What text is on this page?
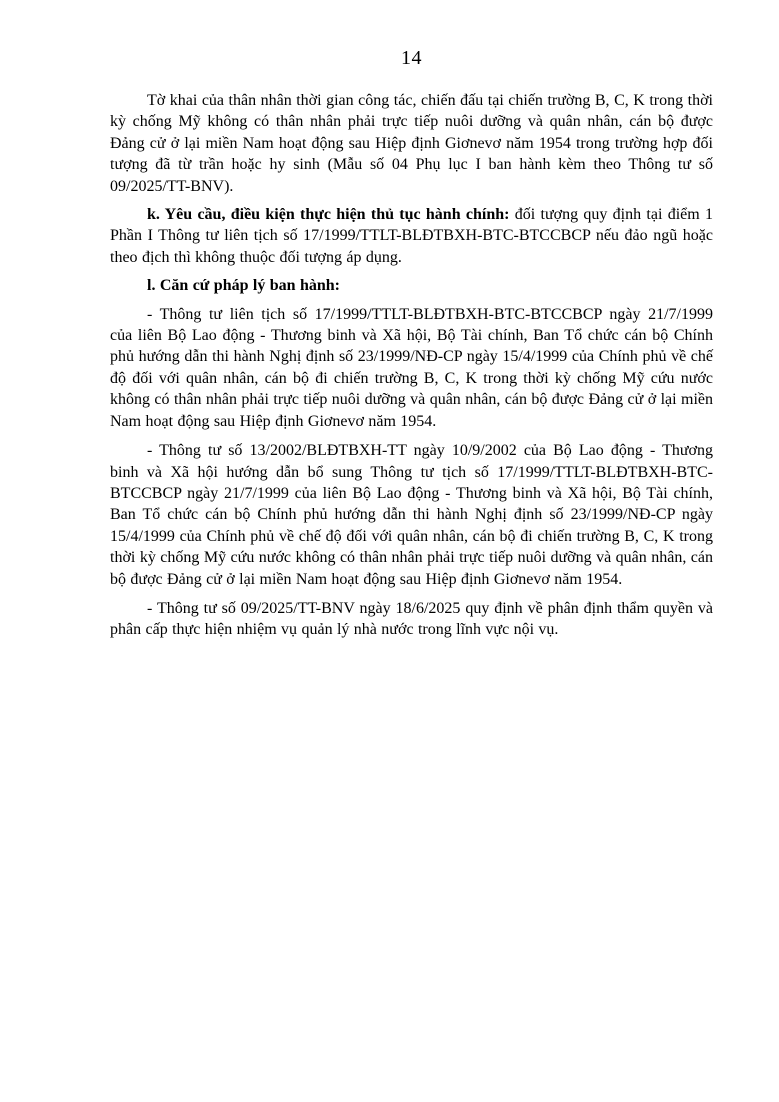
14

Tờ khai của thân nhân thời gian công tác, chiến đấu tại chiến trường B, C, K trong thời kỳ chống Mỹ không có thân nhân phải trực tiếp nuôi dưỡng và quân nhân, cán bộ được Đảng cử ở lại miền Nam hoạt động sau Hiệp định Giơnevơ năm 1954 trong trường hợp đối tượng đã từ trần hoặc hy sinh (Mẫu số 04 Phụ lục I ban hành kèm theo Thông tư số 09/2025/TT-BNV).

k. Yêu cầu, điều kiện thực hiện thủ tục hành chính: đối tượng quy định tại điểm 1 Phần I Thông tư liên tịch số 17/1999/TTLT-BLĐTBXH-BTC-BTCCBCP nếu đảo ngũ hoặc theo địch thì không thuộc đối tượng áp dụng.

l. Căn cứ pháp lý ban hành:

- Thông tư liên tịch số 17/1999/TTLT-BLĐTBXH-BTC-BTCCBCP ngày 21/7/1999 của liên Bộ Lao động - Thương binh và Xã hội, Bộ Tài chính, Ban Tổ chức cán bộ Chính phủ hướng dẫn thi hành Nghị định số 23/1999/NĐ-CP ngày 15/4/1999 của Chính phủ về chế độ đối với quân nhân, cán bộ đi chiến trường B, C, K trong thời kỳ chống Mỹ cứu nước không có thân nhân phải trực tiếp nuôi dưỡng và quân nhân, cán bộ được Đảng cử ở lại miền Nam hoạt động sau Hiệp định Giơnevơ năm 1954.

- Thông tư số 13/2002/BLĐTBXH-TT ngày 10/9/2002 của Bộ Lao động - Thương binh và Xã hội hướng dẫn bổ sung Thông tư tịch số 17/1999/TTLT-BLĐTBXH-BTC-BTCCBCP ngày 21/7/1999 của liên Bộ Lao động - Thương binh và Xã hội, Bộ Tài chính, Ban Tổ chức cán bộ Chính phủ hướng dẫn thi hành Nghị định số 23/1999/NĐ-CP ngày 15/4/1999 của Chính phủ về chế độ đối với quân nhân, cán bộ đi chiến trường B, C, K trong thời kỳ chống Mỹ cứu nước không có thân nhân phải trực tiếp nuôi dưỡng và quân nhân, cán bộ được Đảng cử ở lại miền Nam hoạt động sau Hiệp định Giơnevơ năm 1954.

- Thông tư số 09/2025/TT-BNV ngày 18/6/2025 quy định về phân định thẩm quyền và phân cấp thực hiện nhiệm vụ quản lý nhà nước trong lĩnh vực nội vụ.
